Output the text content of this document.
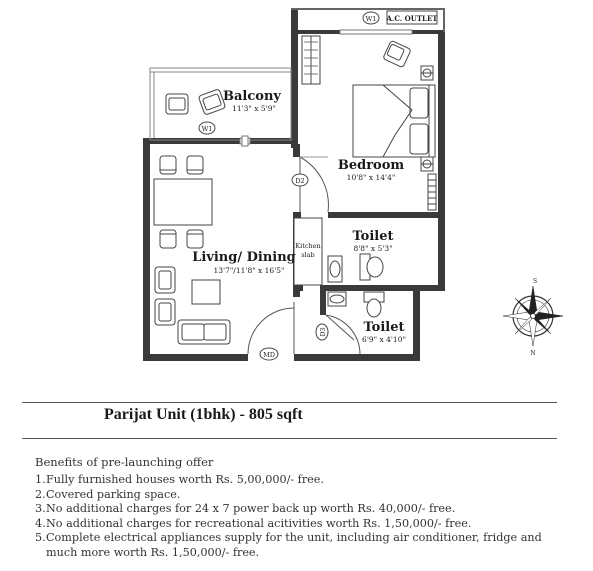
Balcony
11'3" x 5'9"
Bedroom
10'8" x 14'4"
Living/ Dining
13'7"/11'8" x 16'5"
Toilet
8'8" x 5'3"
Toilet
6'9" x 4'10"
Kitchen
slab
W1
W1
D2
D3
MD
A.C. OUTLET
S
N
Parijat Unit (1bhk) - 805 sqft

Benefits of pre-launching offer

1. Fully furnished houses worth Rs. 5,00,000/- free.
2. Covered parking space.
3. No additional charges for 24 x 7 power back up worth Rs. 40,000/- free.
4. No additional charges for recreational acitivities worth Rs. 1,50,000/- free.
5. Complete electrical appliances supply for the unit, including air conditioner, fridge and much more worth Rs. 1,50,000/- free.
